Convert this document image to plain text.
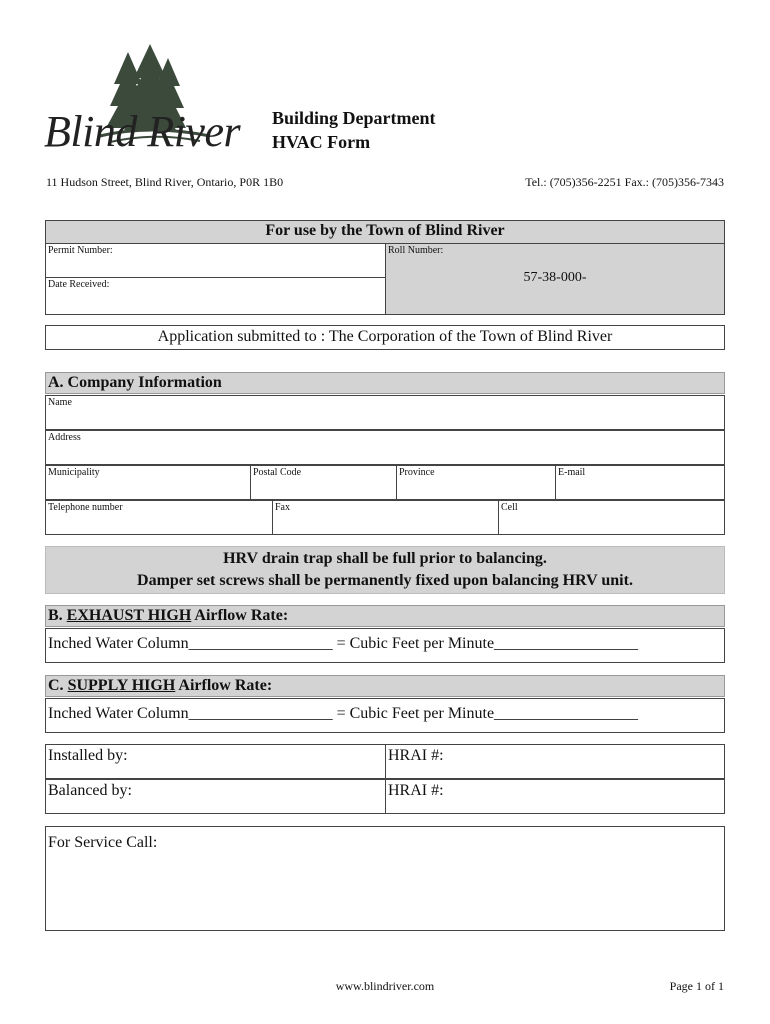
Blind River Building Department
HVAC Form
11 Hudson Street, Blind River, Ontario, P0R 1B0	Tel.: (705)356-2251 Fax.: (705)356-7343
For use by the Town of Blind River
Permit Number:
Date Received:
Roll Number:
57-38-000-
Application submitted to : The Corporation of the Town of Blind River
A. Company Information
Name
Address
Municipality	Postal Code	Province	E-mail
Telephone number	Fax	Cell
HRV drain trap shall be full prior to balancing.
Damper set screws shall be permanently fixed upon balancing HRV unit.
B. EXHAUST HIGH Airflow Rate:
Inched Water Column__________________ = Cubic Feet per Minute__________________
C. SUPPLY HIGH Airflow Rate:
Inched Water Column__________________ = Cubic Feet per Minute__________________
Installed by:	HRAI #:
Balanced by:	HRAI #:
For Service Call:
www.blindriver.com	Page 1 of 1
